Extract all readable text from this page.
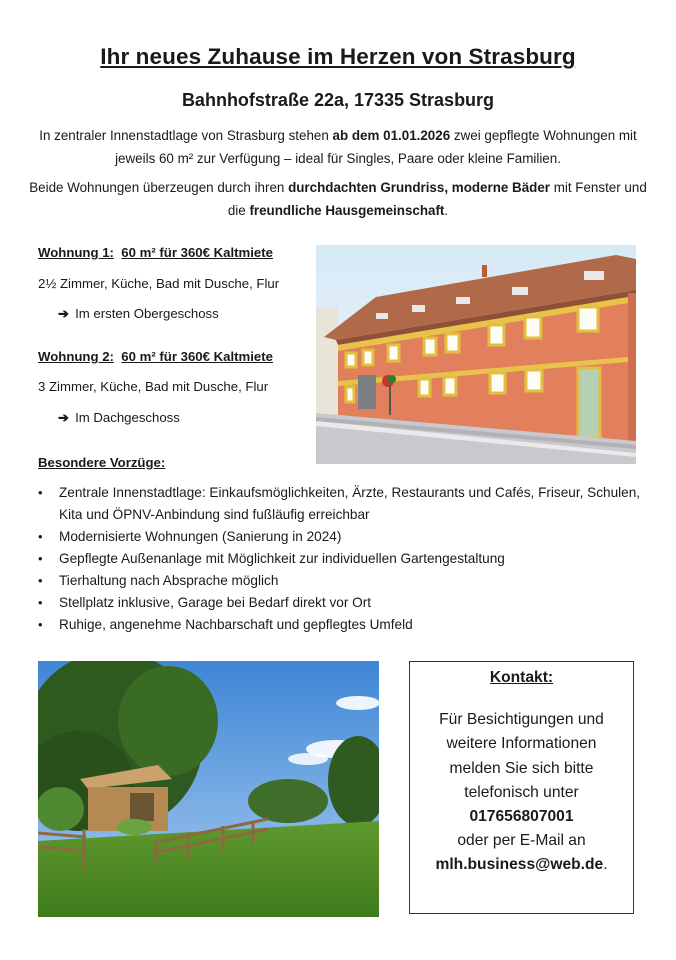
Ihr neues Zuhause im Herzen von Strasburg
Bahnhofstraße 22a, 17335 Strasburg
In zentraler Innenstadtlage von Strasburg stehen ab dem 01.01.2026 zwei gepflegte Wohnungen mit jeweils 60 m² zur Verfügung – ideal für Singles, Paare oder kleine Familien.
Beide Wohnungen überzeugen durch ihren durchdachten Grundriss, moderne Bäder mit Fenster und die freundliche Hausgemeinschaft.
Wohnung 1: 60 m² für 360€ Kaltmiete
2½ Zimmer, Küche, Bad mit Dusche, Flur
➔ Im ersten Obergeschoss
Wohnung 2: 60 m² für 360€ Kaltmiete
3 Zimmer, Küche, Bad mit Dusche, Flur
➔ Im Dachgeschoss
Besondere Vorzüge:
• Zentrale Innenstadtlage: Einkaufsmöglichkeiten, Ärzte, Restaurants und Cafés, Friseur, Schulen, Kita und ÖPNV-Anbindung sind fußläufig erreichbar
• Modernisierte Wohnungen (Sanierung in 2024)
• Gepflegte Außenanlage mit Möglichkeit zur individuellen Gartengestaltung
• Tierhaltung nach Absprache möglich
• Stellplatz inklusive, Garage bei Bedarf direkt vor Ort
• Ruhige, angenehme Nachbarschaft und gepflegtes Umfeld
Kontakt:
Für Besichtigungen und weitere Informationen melden Sie sich bitte telefonisch unter
017656807001
oder per E-Mail an
mlh.business@web.de.
